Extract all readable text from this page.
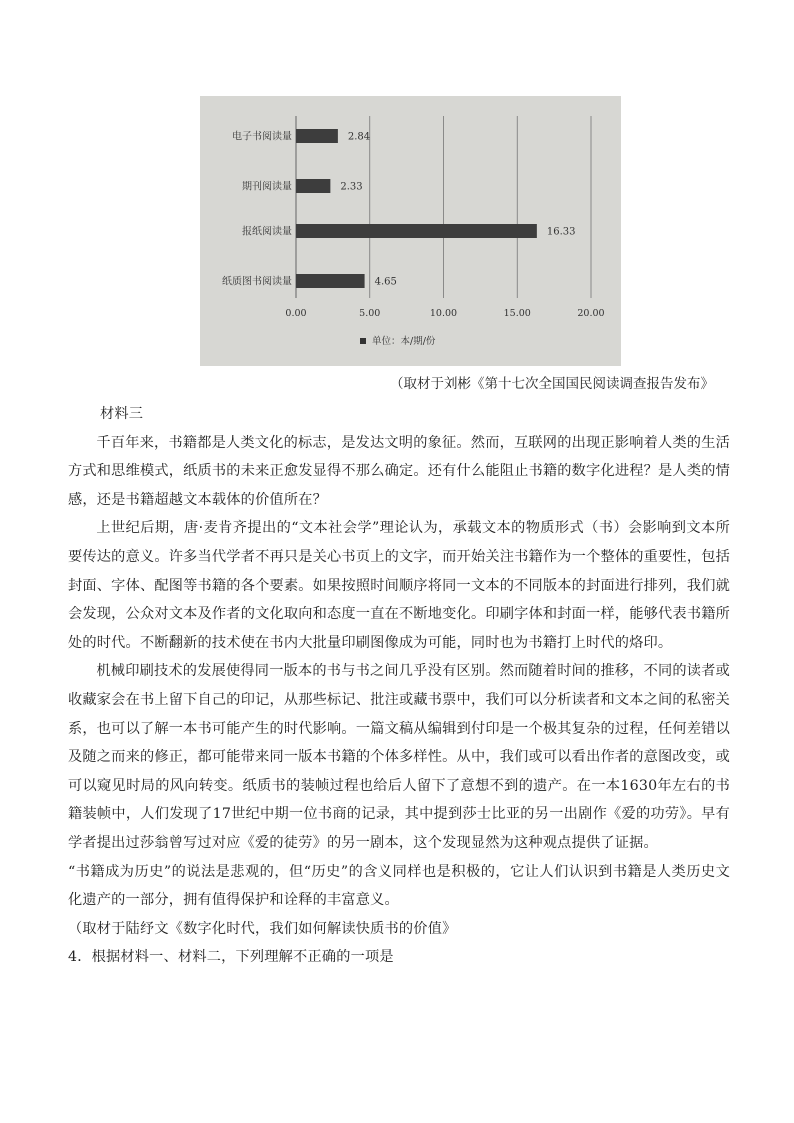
0.00	5.00	10.00	15.00	20.00
电子书阅读量	2.84
期刊阅读量	2.33
报纸阅读量	16.33
纸质图书阅读量	4.65
单位：本/期/份
（取材于刘彬《第十七次全国国民阅读调查报告发布》

材料三

千百年来，书籍都是人类文化的标志，是发达文明的象征。然而，互联网的出现正影响着人类的生活方式和思维模式，纸质书的未来正愈发显得不那么确定。还有什么能阻止书籍的数字化进程？是人类的情感，还是书籍超越文本载体的价值所在？

上世纪后期，唐·麦肯齐提出的“文本社会学”理论认为，承载文本的物质形式（书）会影响到文本所要传达的意义。许多当代学者不再只是关心书页上的文字，而开始关注书籍作为一个整体的重要性，包括封面、字体、配图等书籍的各个要素。如果按照时间顺序将同一文本的不同版本的封面进行排列，我们就会发现，公众对文本及作者的文化取向和态度一直在不断地变化。印刷字体和封面一样，能够代表书籍所处的时代。不断翻新的技术使在书内大批量印刷图像成为可能，同时也为书籍打上时代的烙印。

机械印刷技术的发展使得同一版本的书与书之间几乎没有区别。然而随着时间的推移，不同的读者或收藏家会在书上留下自己的印记，从那些标记、批注或藏书票中，我们可以分析读者和文本之间的私密关系，也可以了解一本书可能产生的时代影响。一篇文稿从编辑到付印是一个极其复杂的过程，任何差错以及随之而来的修正，都可能带来同一版本书籍的个体多样性。从中，我们或可以看出作者的意图改变，或可以窥见时局的风向转变。纸质书的装帧过程也给后人留下了意想不到的遗产。在一本1630年左右的书籍装帧中，人们发现了17世纪中期一位书商的记录，其中提到莎士比亚的另一出剧作《爱的功劳》。早有学者提出过莎翁曾写过对应《爱的徒劳》的另一剧本，这个发现显然为这种观点提供了证据。

“书籍成为历史”的说法是悲观的，但“历史”的含义同样也是积极的，它让人们认识到书籍是人类历史文化遗产的一部分，拥有值得保护和诠释的丰富意义。

（取材于陆纾文《数字化时代，我们如何解读快质书的价值》

4．根据材料一、材料二，下列理解不正确的一项是
